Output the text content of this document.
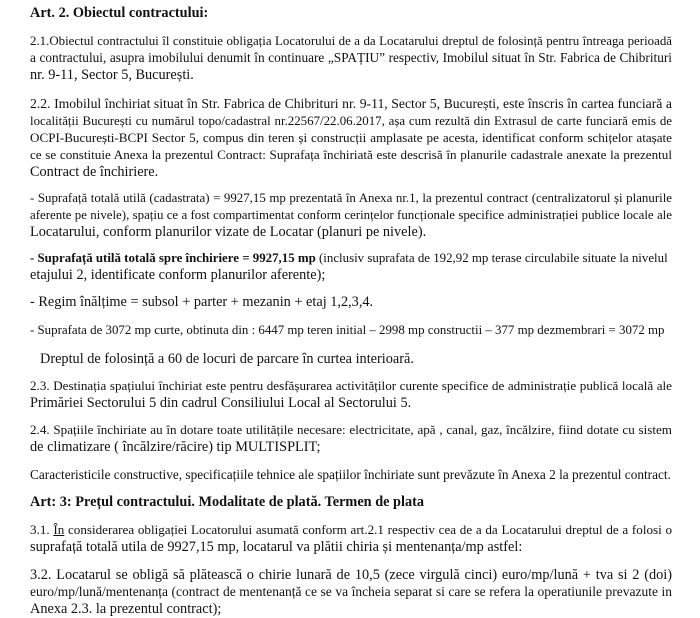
Art. 2. Obiectul contractului:
2.1.Obiectul contractului îl constituie obligația Locatorului de a da Locatarului dreptul de folosință pentru întreaga perioadă
a contractului, asupra imobilului denumit în continuare „SPAȚIU” respectiv, Imobilul situat în Str. Fabrica de Chibrituri
nr. 9-11, Sector 5, București.
2.2. Imobilul închiriat situat în Str. Fabrica de Chibrituri nr. 9-11, Sector 5, București, este înscris în cartea funciară a
localității București cu numărul topo/cadastral nr.22567/22.06.2017, așa cum rezultă din Extrasul de carte funciară emis de
OCPI-București-BCPI Sector 5, compus din teren și construcții amplasate pe acesta, identificat conform schițelor atașate
ce se constituie Anexa la prezentul Contract: Suprafața închiriată este descrisă în planurile cadastrale anexate la prezentul
Contract de închiriere.
- Suprafață totală utilă (cadastrata) = 9927,15 mp prezentată în Anexa nr.1, la prezentul contract (centralizatorul și planurile
aferente pe nivele), spațiu ce a fost compartimentat conform cerințelor funcționale specifice administrației publice locale ale
Locatarului, conform planurilor vizate de Locatar (planuri pe nivele).
- Suprafață utilă totală spre închiriere = 9927,15 mp (inclusiv suprafata de 192,92 mp terase circulabile situate la nivelul
etajului 2, identificate conform planurilor aferente);
- Regim înălțime = subsol + parter + mezanin + etaj 1,2,3,4.
- Suprafata de 3072 mp curte, obtinuta din : 6447 mp teren initial – 2998 mp constructii – 377 mp dezmembrari = 3072 mp
Dreptul de folosință a 60 de locuri de parcare în curtea interioară.
2.3. Destinația spațiului închiriat este pentru desfășurarea activităților curente specifice de administrație publică locală ale
Primăriei Sectorului 5 din cadrul Consiliului Local al Sectorului 5.
2.4. Spațiile închiriate au în dotare toate utilitățile necesare: electricitate, apă , canal, gaz, încălzire, fiind dotate cu sistem
de climatizare ( încălzire/răcire) tip MULTISPLIT;
Caracteristicile constructive, specificațiile tehnice ale spațiilor închiriate sunt prevăzute în Anexa 2 la prezentul contract.
Art: 3: Prețul contractului. Modalitate de plată. Termen de plata
3.1. În considerarea obligației Locatorului asumată conform art.2.1 respectiv cea de a da Locatarului dreptul de a folosi o
suprafață totală utila de 9927,15 mp, locatarul va plătii chiria și mentenanța/mp astfel:
3.2. Locatarul se obligă să plătească o chirie lunară de 10,5 (zece virgulă cinci) euro/mp/lună + tva si 2 (doi)
euro/mp/lună/mentenanța (contract de mentenanță ce se va încheia separat si care se refera la operatiunile prevazute in
Anexa 2.3. la prezentul contract);
